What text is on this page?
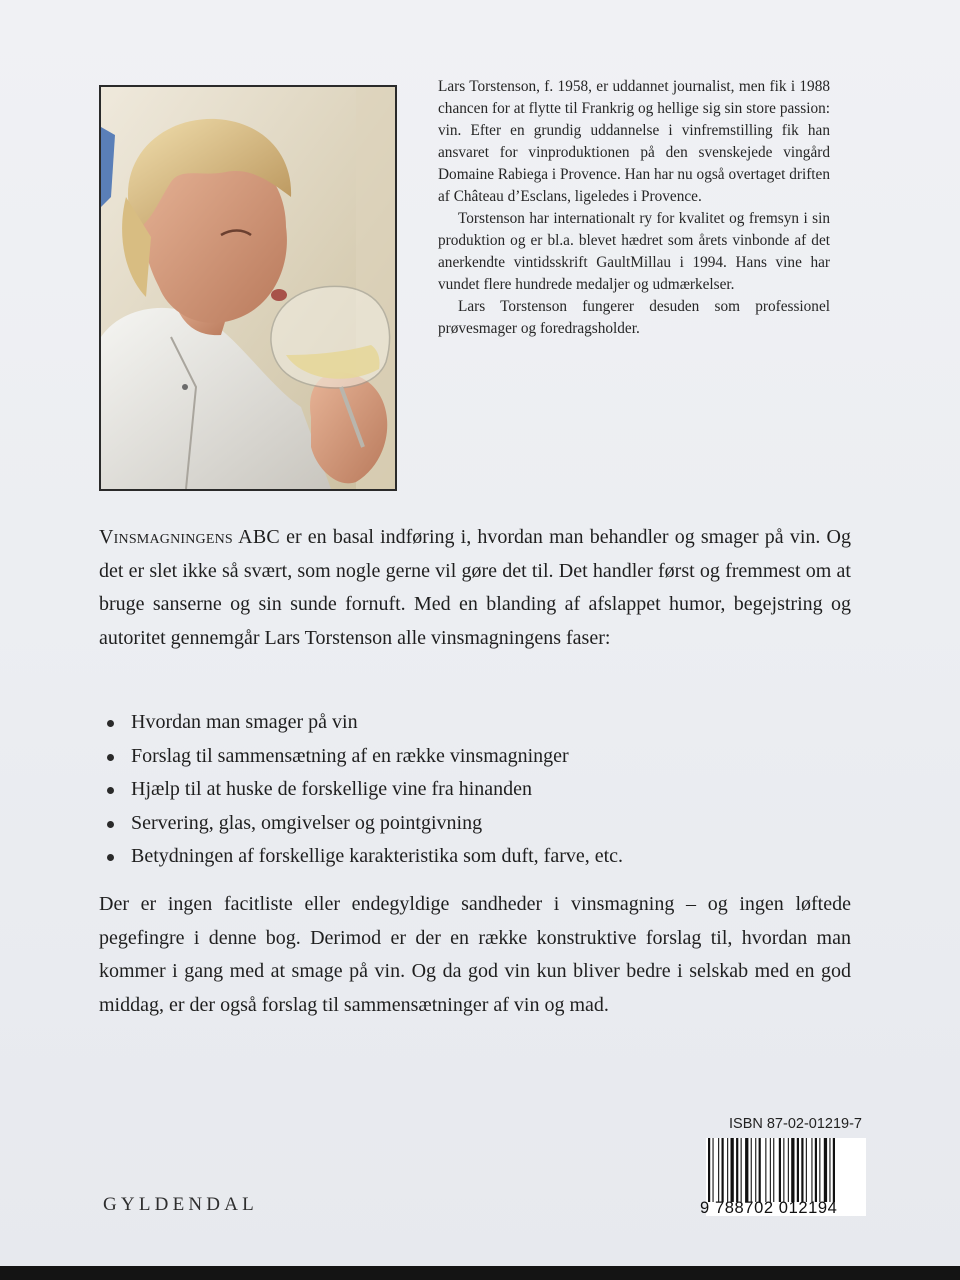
Lars Torstenson, f. 1958, er uddannet journalist, men fik i 1988 chancen for at flytte til Frankrig og hellige sig sin store passion: vin. Efter en grundig uddannelse i vinfremstilling fik han ansvaret for vinproduktionen på den svenskejede vingård Domaine Rabiega i Provence. Han har nu også overtaget driften af Château d’Esclans, ligeledes i Provence.

Torstenson har internationalt ry for kvalitet og fremsyn i sin produktion og er bl.a. blevet hædret som årets vinbonde af det anerkendte vintidsskrift GaultMillau i 1994. Hans vine har vundet flere hundrede medaljer og udmærkelser.

Lars Torstenson fungerer desuden som professionel prøvesmager og foredragsholder.

Vinsmagningens ABC er en basal indføring i, hvordan man behandler og smager på vin. Og det er slet ikke så svært, som nogle gerne vil gøre det til. Det handler først og fremmest om at bruge sanserne og sin sunde fornuft. Med en blanding af afslappet humor, begejstring og autoritet gennemgår Lars Torstenson alle vinsmagningens faser:

Hvordan man smager på vin
Forslag til sammensætning af en række vinsmagninger
Hjælp til at huske de forskellige vine fra hinanden
Servering, glas, omgivelser og pointgivning
Betydningen af forskellige karakteristika som duft, farve, etc.

Der er ingen facitliste eller endegyldige sandheder i vinsmagning – og ingen løftede pegefingre i denne bog. Derimod er der en række konstruktive forslag til, hvordan man kommer i gang med at smage på vin. Og da god vin kun bliver bedre i selskab med en god middag, er der også forslag til sammensætninger af vin og mad.

GYLDENDAL
ISBN 87-02-01219-7
9 788702 012194
